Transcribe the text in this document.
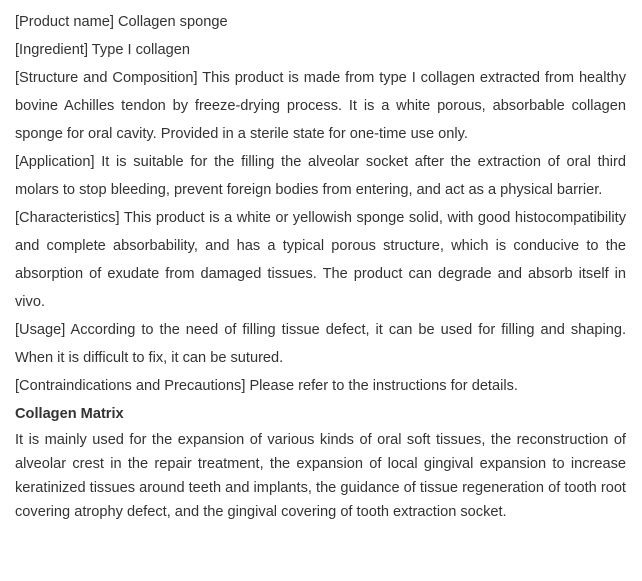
[Product name] Collagen sponge

[Ingredient] Type I collagen

[Structure and Composition] This product is made from type I collagen extracted from healthy bovine Achilles tendon by freeze-drying process. It is a white porous, absorbable collagen sponge for oral cavity. Provided in a sterile state for one-time use only.

[Application] It is suitable for the filling the alveolar socket after the extraction of oral third molars to stop bleeding, prevent foreign bodies from entering, and act as a physical barrier.

[Characteristics] This product is a white or yellowish sponge solid, with good histocompatibility and complete absorbability, and has a typical porous structure, which is conducive to the absorption of exudate from damaged tissues. The product can degrade and absorb itself in vivo.

[Usage] According to the need of filling tissue defect, it can be used for filling and shaping. When it is difficult to fix, it can be sutured.

[Contraindications and Precautions] Please refer to the instructions for details.

Collagen Matrix

It is mainly used for the expansion of various kinds of oral soft tissues, the reconstruction of alveolar crest in the repair treatment, the expansion of local gingival expansion to increase keratinized tissues around teeth and implants, the guidance of tissue regeneration of tooth root covering atrophy defect, and the gingival covering of tooth extraction socket.
